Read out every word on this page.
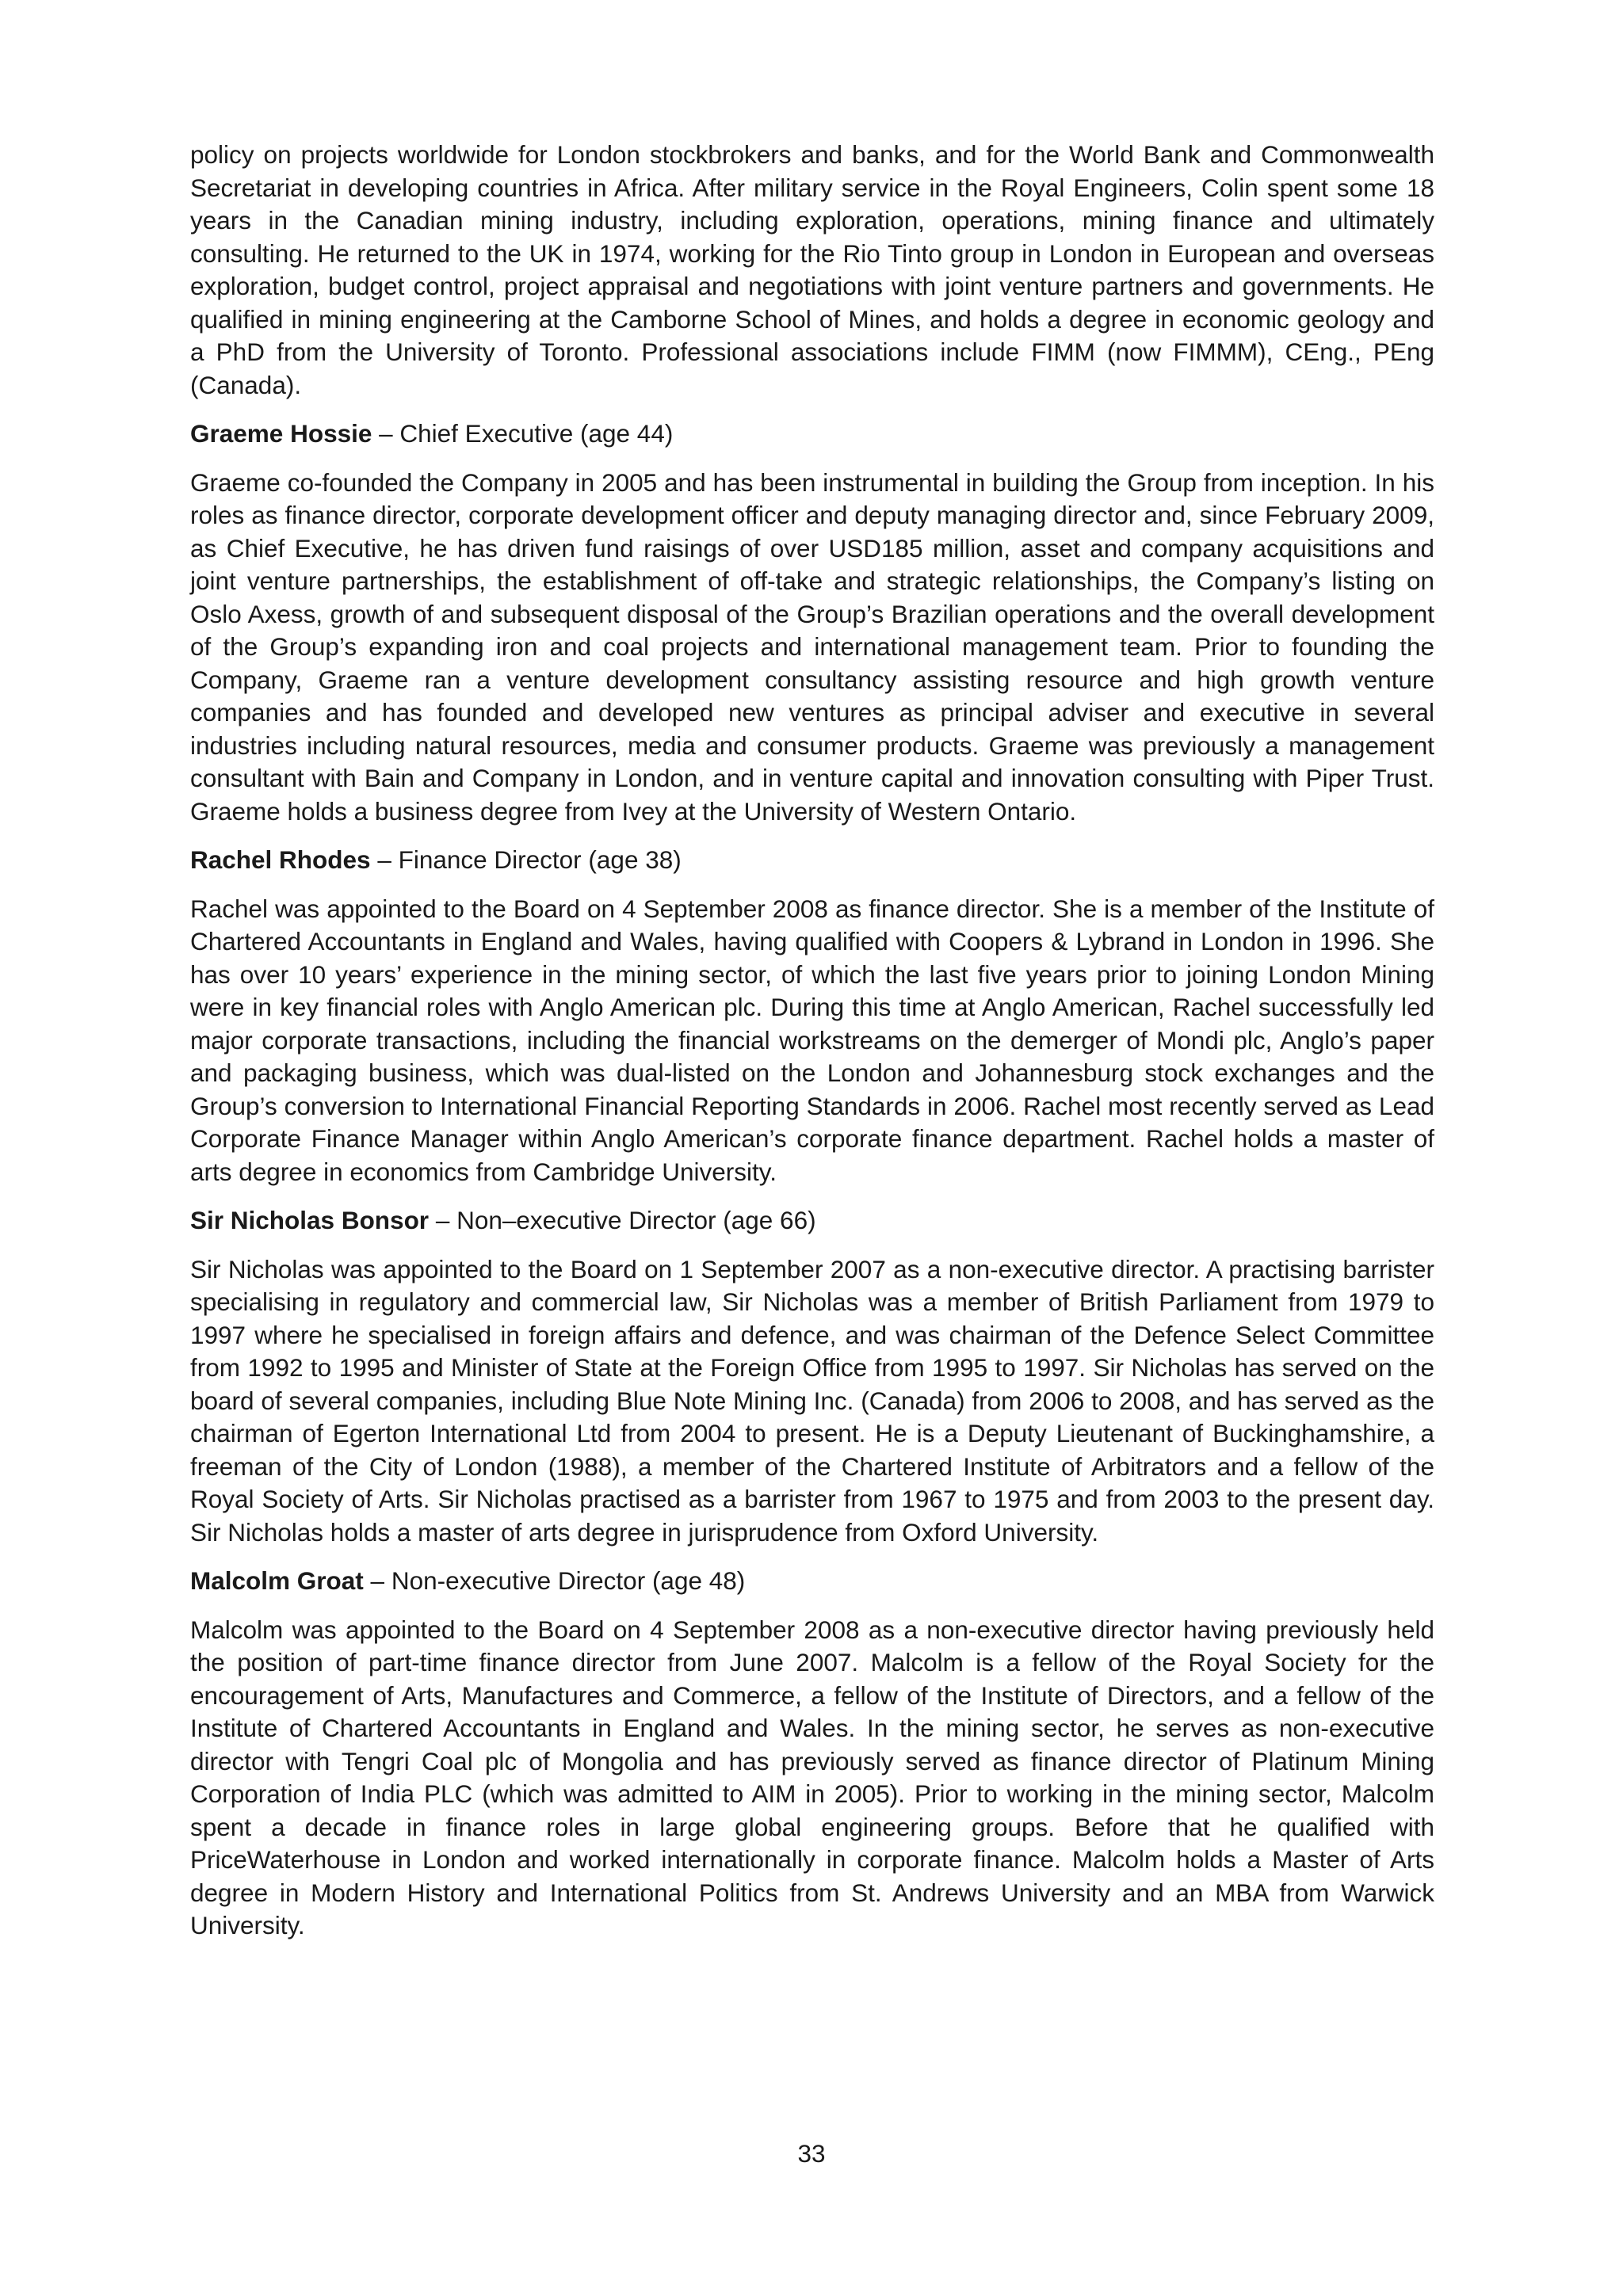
policy on projects worldwide for London stockbrokers and banks, and for the World Bank and Commonwealth Secretariat in developing countries in Africa. After military service in the Royal Engineers, Colin spent some 18 years in the Canadian mining industry, including exploration, operations, mining finance and ultimately consulting. He returned to the UK in 1974, working for the Rio Tinto group in London in European and overseas exploration, budget control, project appraisal and negotiations with joint venture partners and governments. He qualified in mining engineering at the Camborne School of Mines, and holds a degree in economic geology and a PhD from the University of Toronto. Professional associations include FIMM (now FIMMM), CEng., PEng (Canada).

Graeme Hossie – Chief Executive (age 44)

Graeme co-founded the Company in 2005 and has been instrumental in building the Group from inception. In his roles as finance director, corporate development officer and deputy managing director and, since February 2009, as Chief Executive, he has driven fund raisings of over USD185 million, asset and company acquisitions and joint venture partnerships, the establishment of off-take and strategic relationships, the Company’s listing on Oslo Axess, growth of and subsequent disposal of the Group’s Brazilian operations and the overall development of the Group’s expanding iron and coal projects and international management team. Prior to founding the Company, Graeme ran a venture development consultancy assisting resource and high growth venture companies and has founded and developed new ventures as principal adviser and executive in several industries including natural resources, media and consumer products. Graeme was previously a management consultant with Bain and Company in London, and in venture capital and innovation consulting with Piper Trust. Graeme holds a business degree from Ivey at the University of Western Ontario.

Rachel Rhodes – Finance Director (age 38)

Rachel was appointed to the Board on 4 September 2008 as finance director. She is a member of the Institute of Chartered Accountants in England and Wales, having qualified with Coopers & Lybrand in London in 1996. She has over 10 years’ experience in the mining sector, of which the last five years prior to joining London Mining were in key financial roles with Anglo American plc. During this time at Anglo American, Rachel successfully led major corporate transactions, including the financial workstreams on the demerger of Mondi plc, Anglo’s paper and packaging business, which was dual-listed on the London and Johannesburg stock exchanges and the Group’s conversion to International Financial Reporting Standards in 2006. Rachel most recently served as Lead Corporate Finance Manager within Anglo American’s corporate finance department. Rachel holds a master of arts degree in economics from Cambridge University.

Sir Nicholas Bonsor – Non–executive Director (age 66)

Sir Nicholas was appointed to the Board on 1 September 2007 as a non-executive director. A practising barrister specialising in regulatory and commercial law, Sir Nicholas was a member of British Parliament from 1979 to 1997 where he specialised in foreign affairs and defence, and was chairman of the Defence Select Committee from 1992 to 1995 and Minister of State at the Foreign Office from 1995 to 1997. Sir Nicholas has served on the board of several companies, including Blue Note Mining Inc. (Canada) from 2006 to 2008, and has served as the chairman of Egerton International Ltd from 2004 to present. He is a Deputy Lieutenant of Buckinghamshire, a freeman of the City of London (1988), a member of the Chartered Institute of Arbitrators and a fellow of the Royal Society of Arts. Sir Nicholas practised as a barrister from 1967 to 1975 and from 2003 to the present day. Sir Nicholas holds a master of arts degree in jurisprudence from Oxford University.

Malcolm Groat – Non-executive Director (age 48)

Malcolm was appointed to the Board on 4 September 2008 as a non-executive director having previously held the position of part-time finance director from June 2007. Malcolm is a fellow of the Royal Society for the encouragement of Arts, Manufactures and Commerce, a fellow of the Institute of Directors, and a fellow of the Institute of Chartered Accountants in England and Wales. In the mining sector, he serves as non-executive director with Tengri Coal plc of Mongolia and has previously served as finance director of Platinum Mining Corporation of India PLC (which was admitted to AIM in 2005). Prior to working in the mining sector, Malcolm spent a decade in finance roles in large global engineering groups. Before that he qualified with PriceWaterhouse in London and worked internationally in corporate finance. Malcolm holds a Master of Arts degree in Modern History and International Politics from St. Andrews University and an MBA from Warwick University.

33
